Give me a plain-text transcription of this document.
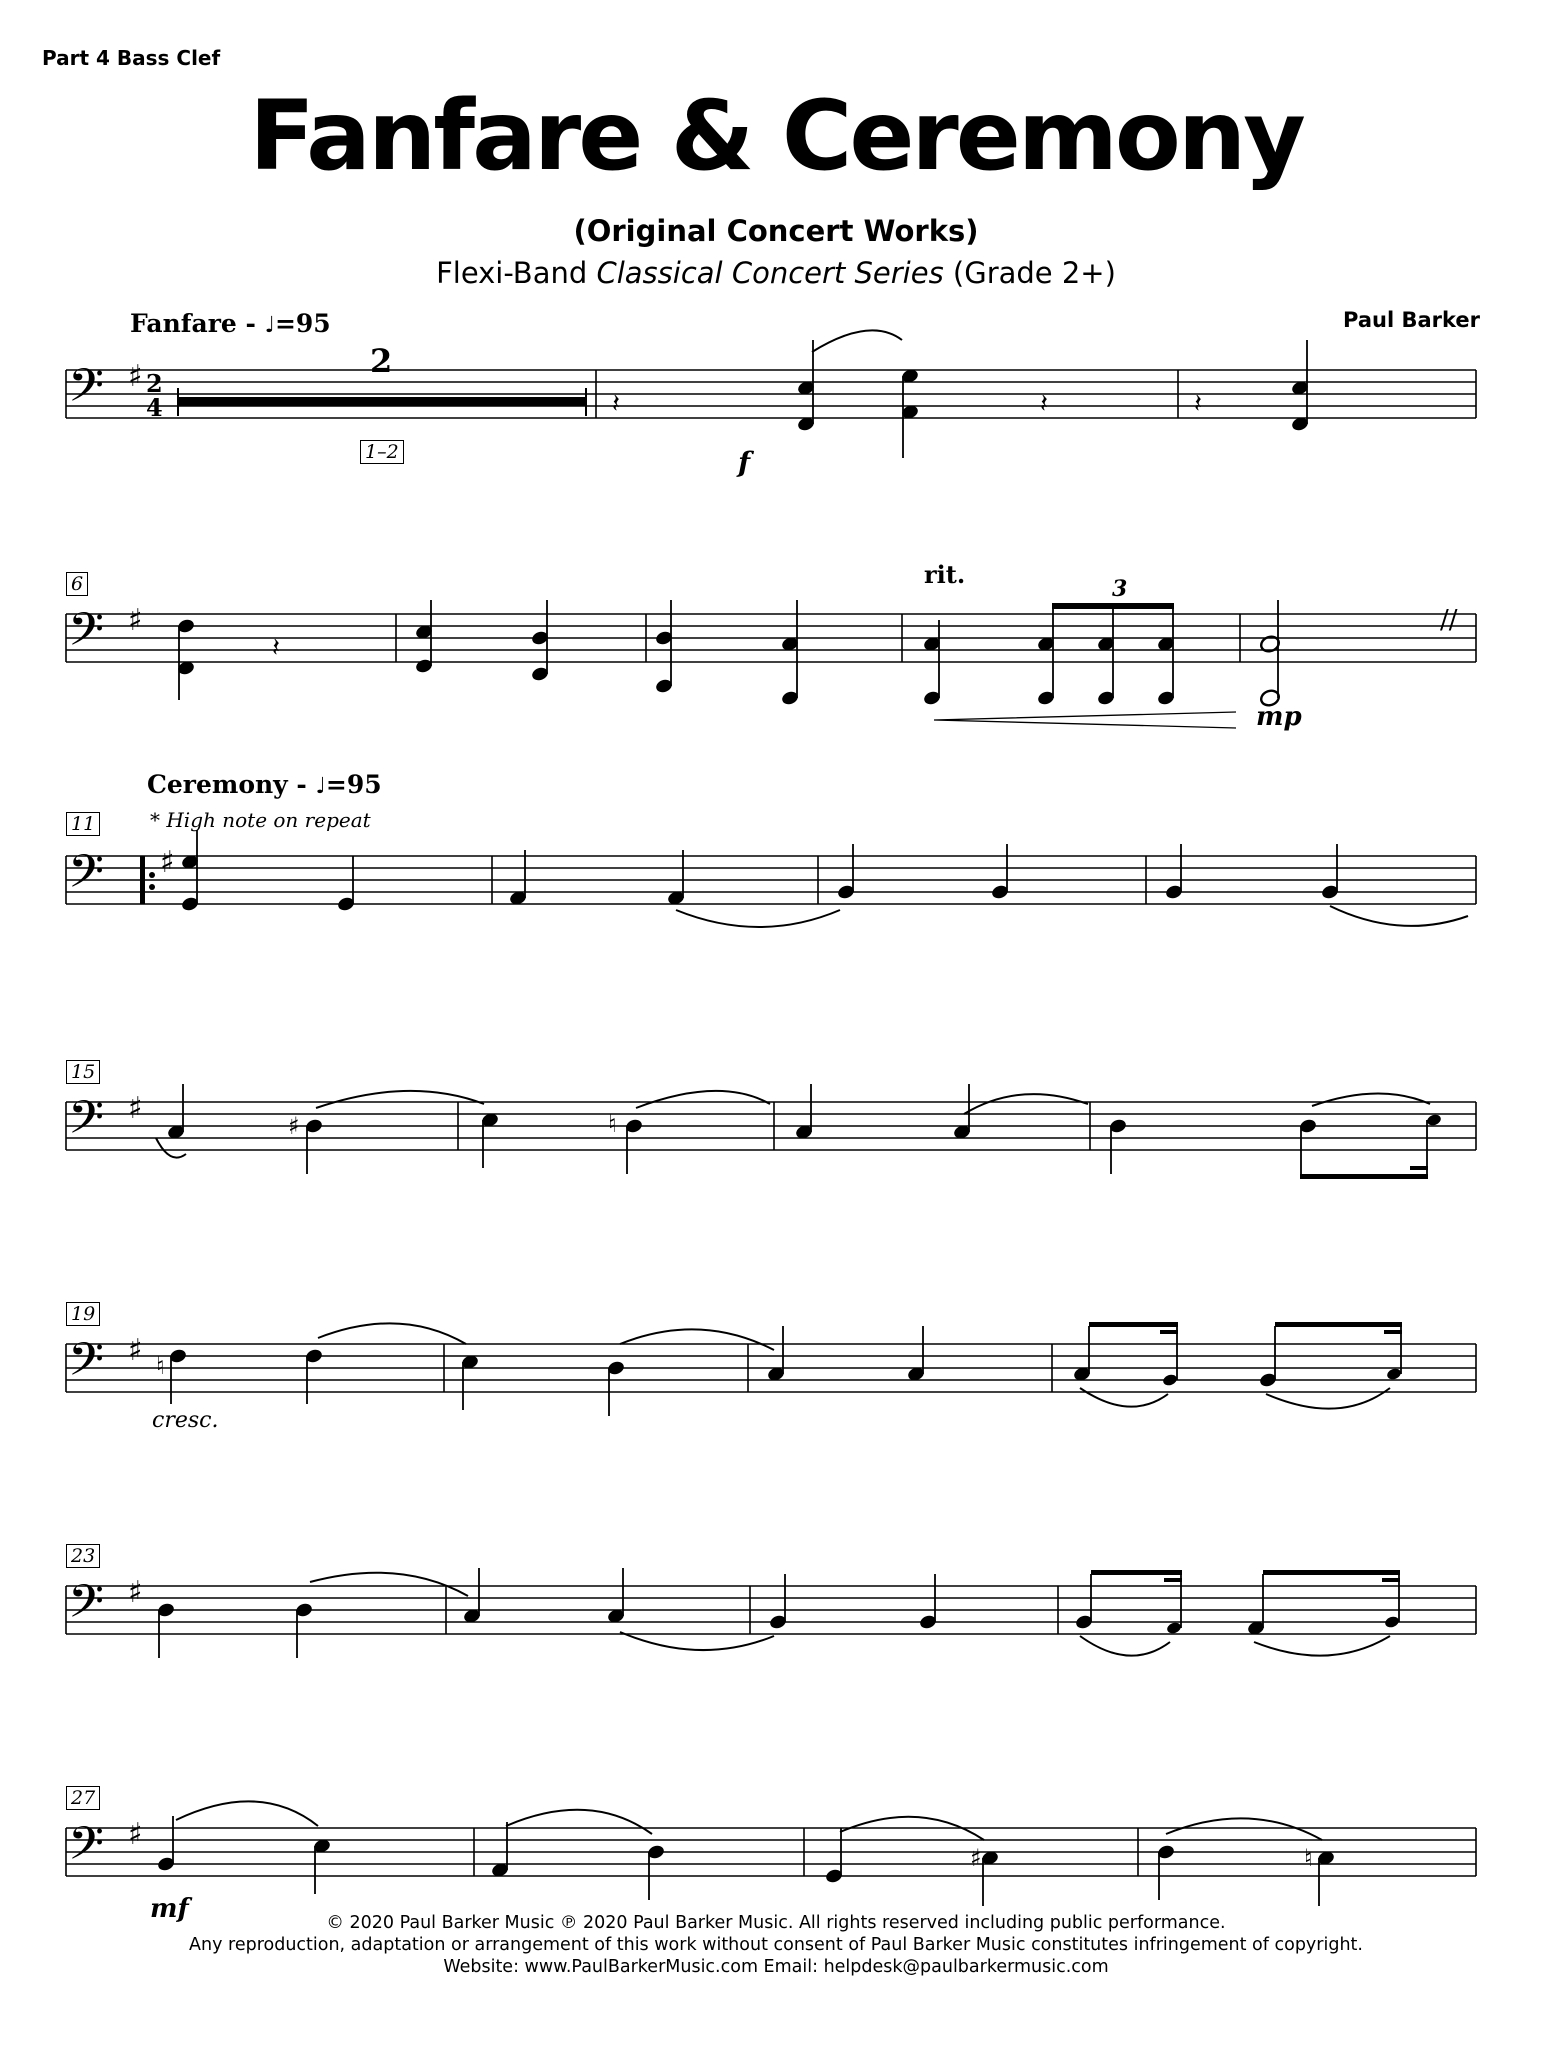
Part 4 Bass Clef
Fanfare & Ceremony
(Original Concert Works)
Flexi-Band Classical Concert Series (Grade 2+)
Paul Barker
Fanfare - ♩=95
Ceremony - ♩=95
* High note on repeat
6
11
15
19
23
27
1–2	f
rit.
mp
cresc.
mf
𝄢 ♯ 2
4
2
𝄽	𝄽	𝄽
𝄢 ♯
𝄽
3
//
𝄢 ♯
𝄢 ♯	♯	♮
𝄢 ♯ ♮
𝄢 ♯
𝄢 ♯
♯	♮
© 2020 Paul Barker Music ℗ 2020 Paul Barker Music. All rights reserved including public performance.
Any reproduction, adaptation or arrangement of this work without consent of Paul Barker Music constitutes infringement of copyright.
Website: www.PaulBarkerMusic.com Email: helpdesk@paulbarkermusic.com
